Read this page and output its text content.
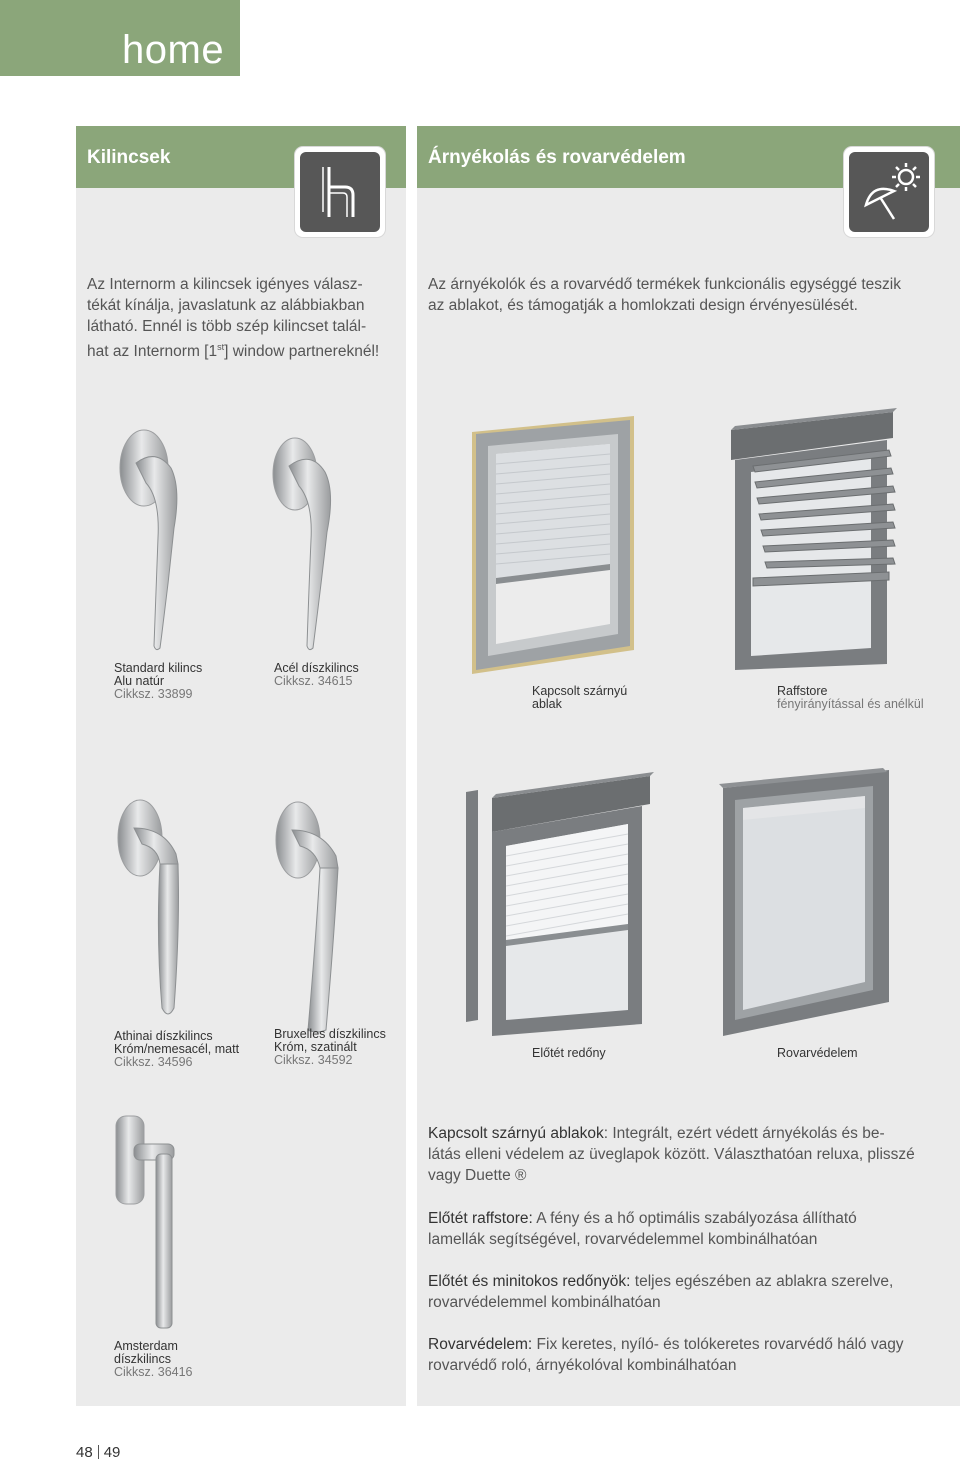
home
Kilincsek
Az Internorm a kilincsek igényes válasz-
tékát kínálja, javaslatunk az alábbiakban
látható. Ennél is több szép kilincset talál-
hat az Internorm [1st] window partnereknél!
Standard kilincs
Alu natúr
Cikksz. 33899
Acél díszkilincs
Cikksz. 34615
Athinai díszkilincs
Króm/nemesacél, matt
Cikksz. 34596
Bruxelles díszkilincs
Króm, szatinált
Cikksz. 34592
Amsterdam
díszkilincs
Cikksz. 36416
Árnyékolás és rovarvédelem
Az árnyékolók és a rovarvédő termékek funkcionális egységgé teszik
az ablakot, és támogatják a homlokzati design érvényesülését.
Kapcsolt szárnyú
ablak
Raffstore
fényirányítással és anélkül
Előtét redőny	Rovarvédelem
Kapcsolt szárnyú ablakok: Integrált, ezért védett árnyékolás és be-
látás elleni védelem az üveglapok között. Választhatóan reluxa, plisszé
vagy Duette ®
Előtét raffstore: A fény és a hő optimális szabályozása állítható
lamellák segítségével, rovarvédelemmel kombinálhatóan
Előtét és minitokos redőnyök: teljes egészében az ablakra szerelve,
rovarvédelemmel kombinálhatóan
Rovarvédelem: Fix keretes, nyíló- és tolókeretes rovarvédő háló vagy
rovarvédő roló, árnyékolóval kombinálhatóan
48 49
